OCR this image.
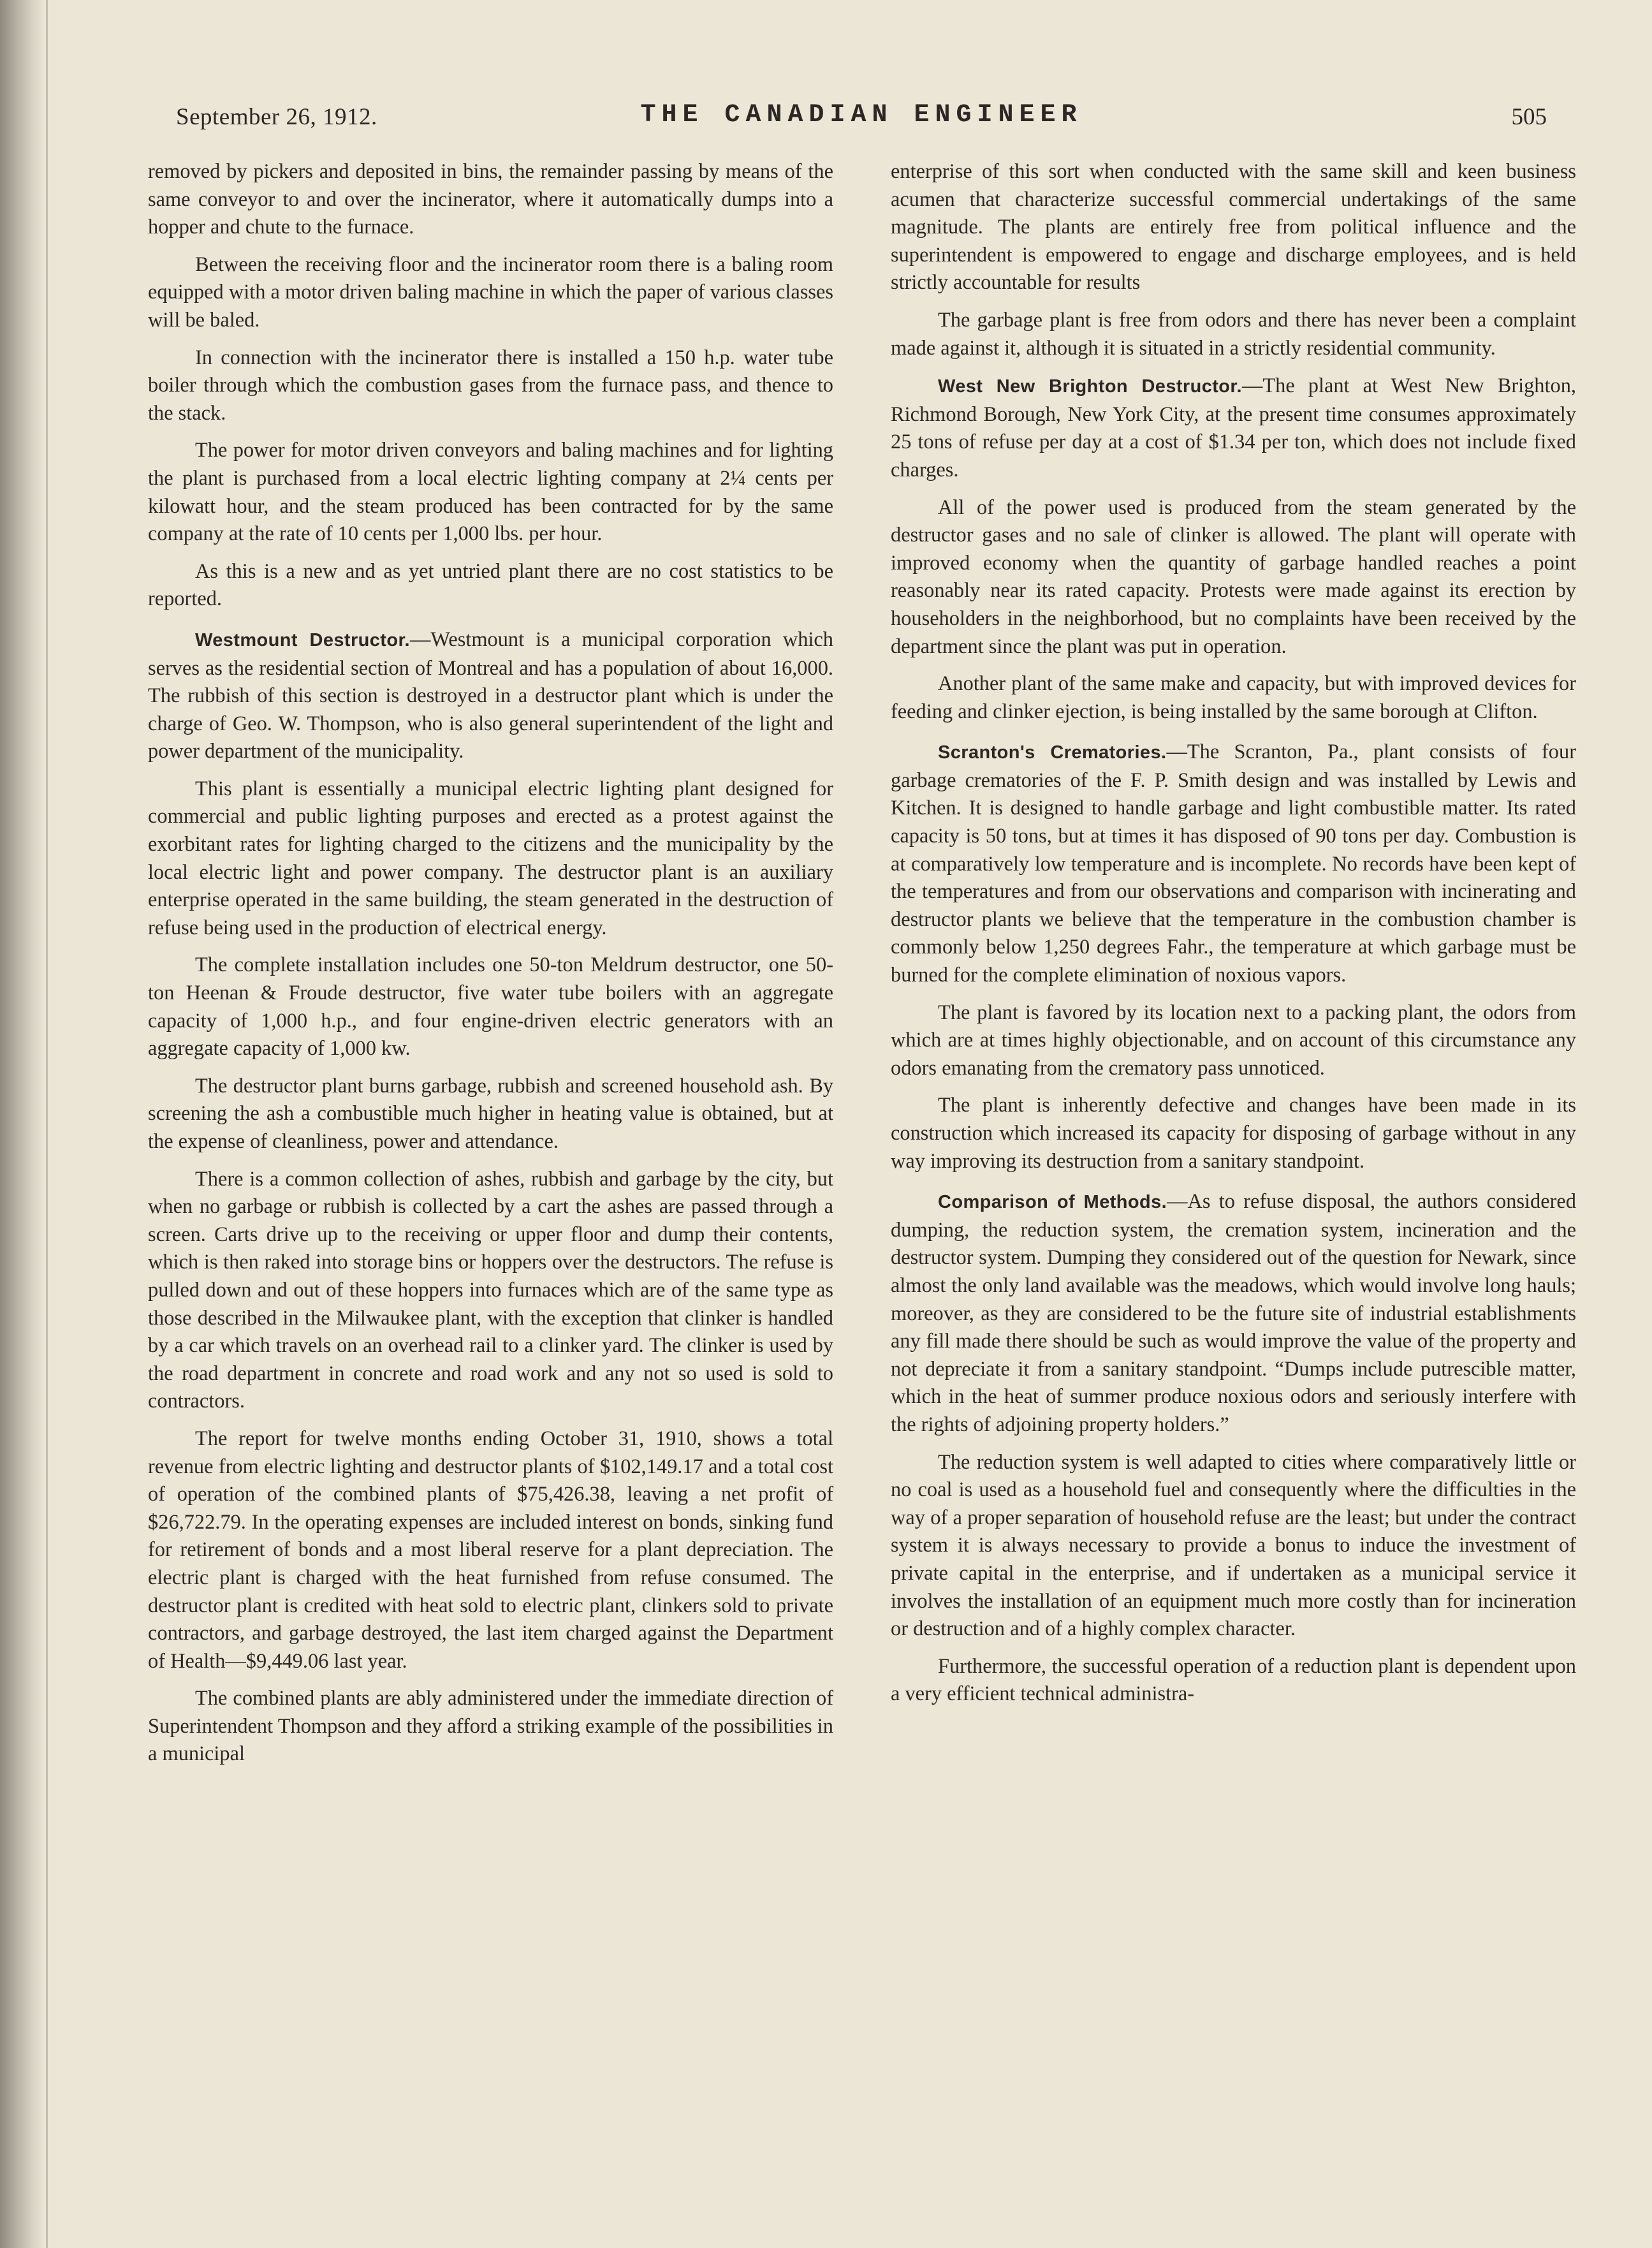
September 26, 1912.	THE CANADIAN ENGINEER	505

removed by pickers and deposited in bins, the remainder passing by means of the same conveyor to and over the incinerator, where it automatically dumps into a hopper and chute to the furnace.

Between the receiving floor and the incinerator room there is a baling room equipped with a motor driven baling machine in which the paper of various classes will be baled.

In connection with the incinerator there is installed a 150 h.p. water tube boiler through which the combustion gases from the furnace pass, and thence to the stack.

The power for motor driven conveyors and baling machines and for lighting the plant is purchased from a local electric lighting company at 2¼ cents per kilowatt hour, and the steam produced has been contracted for by the same company at the rate of 10 cents per 1,000 lbs. per hour.

As this is a new and as yet untried plant there are no cost statistics to be reported.

Westmount Destructor.—Westmount is a municipal corporation which serves as the residential section of Montreal and has a population of about 16,000. The rubbish of this section is destroyed in a destructor plant which is under the charge of Geo. W. Thompson, who is also general superintendent of the light and power department of the municipality.

This plant is essentially a municipal electric lighting plant designed for commercial and public lighting purposes and erected as a protest against the exorbitant rates for lighting charged to the citizens and the municipality by the local electric light and power company. The destructor plant is an auxiliary enterprise operated in the same building, the steam generated in the destruction of refuse being used in the production of electrical energy.

The complete installation includes one 50-ton Meldrum destructor, one 50-ton Heenan & Froude destructor, five water tube boilers with an aggregate capacity of 1,000 h.p., and four engine-driven electric generators with an aggregate capacity of 1,000 kw.

The destructor plant burns garbage, rubbish and screened household ash. By screening the ash a combustible much higher in heating value is obtained, but at the expense of cleanliness, power and attendance.

There is a common collection of ashes, rubbish and garbage by the city, but when no garbage or rubbish is collected by a cart the ashes are passed through a screen. Carts drive up to the receiving or upper floor and dump their contents, which is then raked into storage bins or hoppers over the destructors. The refuse is pulled down and out of these hoppers into furnaces which are of the same type as those described in the Milwaukee plant, with the exception that clinker is handled by a car which travels on an overhead rail to a clinker yard. The clinker is used by the road department in concrete and road work and any not so used is sold to contractors.

The report for twelve months ending October 31, 1910, shows a total revenue from electric lighting and destructor plants of $102,149.17 and a total cost of operation of the combined plants of $75,426.38, leaving a net profit of $26,722.79. In the operating expenses are included interest on bonds, sinking fund for retirement of bonds and a most liberal reserve for a plant depreciation. The electric plant is charged with the heat furnished from refuse consumed. The destructor plant is credited with heat sold to electric plant, clinkers sold to private contractors, and garbage destroyed, the last item charged against the Department of Health—$9,449.06 last year.

The combined plants are ably administered under the immediate direction of Superintendent Thompson and they afford a striking example of the possibilities in a municipal

enterprise of this sort when conducted with the same skill and keen business acumen that characterize successful commercial undertakings of the same magnitude. The plants are entirely free from political influence and the superintendent is empowered to engage and discharge employees, and is held strictly accountable for results

The garbage plant is free from odors and there has never been a complaint made against it, although it is situated in a strictly residential community.

West New Brighton Destructor.—The plant at West New Brighton, Richmond Borough, New York City, at the present time consumes approximately 25 tons of refuse per day at a cost of $1.34 per ton, which does not include fixed charges.

All of the power used is produced from the steam generated by the destructor gases and no sale of clinker is allowed. The plant will operate with improved economy when the quantity of garbage handled reaches a point reasonably near its rated capacity. Protests were made against its erection by householders in the neighborhood, but no complaints have been received by the department since the plant was put in operation.

Another plant of the same make and capacity, but with improved devices for feeding and clinker ejection, is being installed by the same borough at Clifton.

Scranton's Crematories.—The Scranton, Pa., plant consists of four garbage crematories of the F. P. Smith design and was installed by Lewis and Kitchen. It is designed to handle garbage and light combustible matter. Its rated capacity is 50 tons, but at times it has disposed of 90 tons per day. Combustion is at comparatively low temperature and is incomplete. No records have been kept of the temperatures and from our observations and comparison with incinerating and destructor plants we believe that the temperature in the combustion chamber is commonly below 1,250 degrees Fahr., the temperature at which garbage must be burned for the complete elimination of noxious vapors.

The plant is favored by its location next to a packing plant, the odors from which are at times highly objectionable, and on account of this circumstance any odors emanating from the crematory pass unnoticed.

The plant is inherently defective and changes have been made in its construction which increased its capacity for disposing of garbage without in any way improving its destruction from a sanitary standpoint.

Comparison of Methods.—As to refuse disposal, the authors considered dumping, the reduction system, the cremation system, incineration and the destructor system. Dumping they considered out of the question for Newark, since almost the only land available was the meadows, which would involve long hauls; moreover, as they are considered to be the future site of industrial establishments any fill made there should be such as would improve the value of the property and not depreciate it from a sanitary standpoint. “Dumps include putrescible matter, which in the heat of summer produce noxious odors and seriously interfere with the rights of adjoining property holders.”

The reduction system is well adapted to cities where comparatively little or no coal is used as a household fuel and consequently where the difficulties in the way of a proper separation of household refuse are the least; but under the contract system it is always necessary to provide a bonus to induce the investment of private capital in the enterprise, and if undertaken as a municipal service it involves the installation of an equipment much more costly than for incineration or destruction and of a highly complex character.

Furthermore, the successful operation of a reduction plant is dependent upon a very efficient technical administra-
